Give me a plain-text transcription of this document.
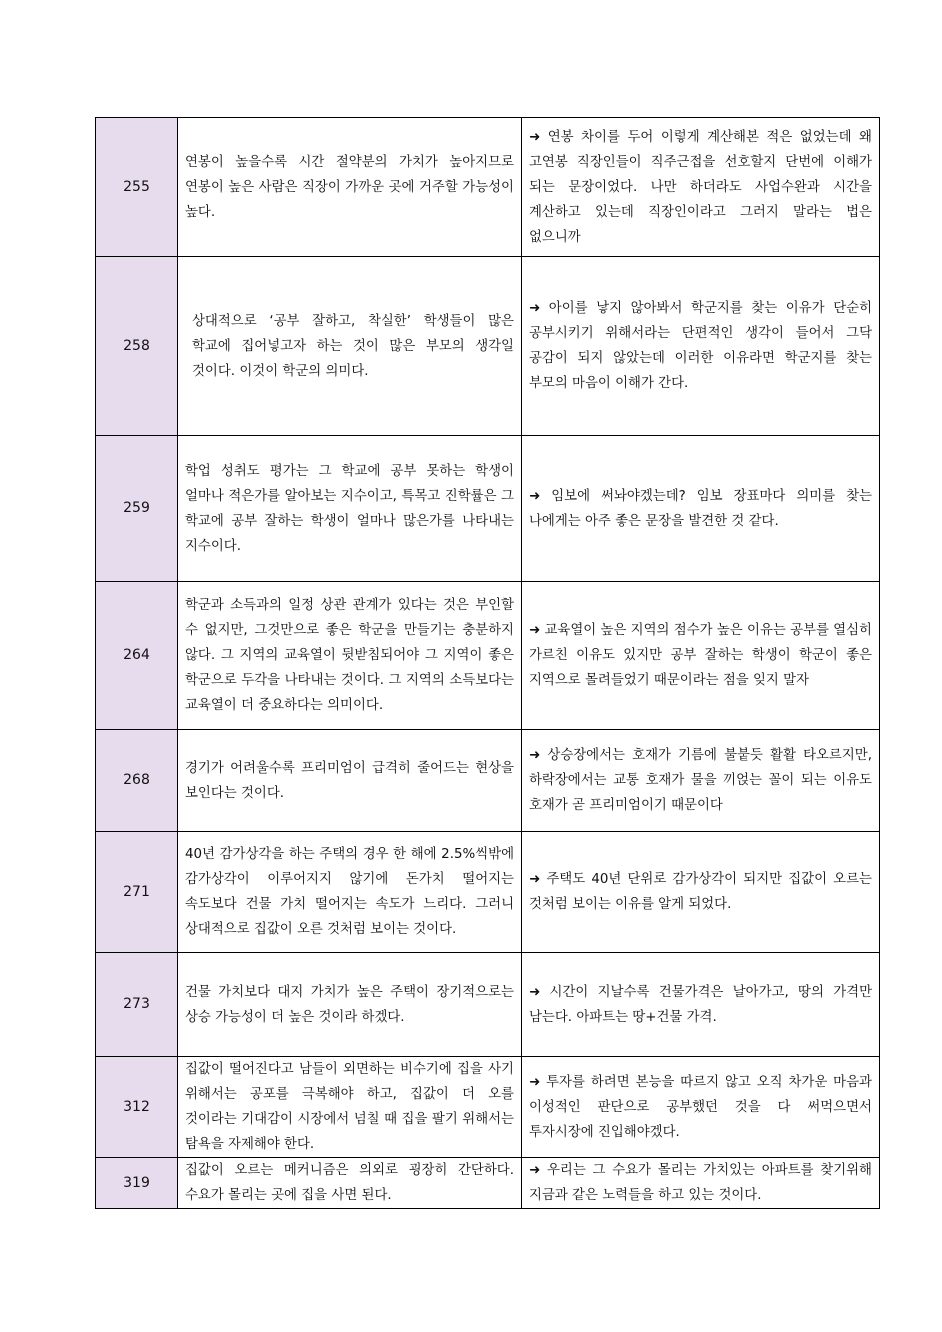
255	연봉이 높을수록 시간 절약분의 가치가 높아지므로 연봉이 높은 사람은 직장이 가까운 곳에 거주할 가능성이 높다.	➜ 연봉 차이를 두어 이렇게 계산해본 적은 없었는데 왜 고연봉 직장인들이 직주근접을 선호할지 단번에 이해가 되는 문장이었다. 나만 하더라도 사업수완과 시간을 계산하고 있는데 직장인이라고 그러지 말라는 법은 없으니까
258	상대적으로 ‘공부 잘하고, 착실한’ 학생들이 많은 학교에 집어넣고자 하는 것이 많은 부모의 생각일 것이다. 이것이 학군의 의미다.	➜ 아이를 낳지 않아봐서 학군지를 찾는 이유가 단순히 공부시키기 위해서라는 단편적인 생각이 들어서 그닥 공감이 되지 않았는데 이러한 이유라면 학군지를 찾는 부모의 마음이 이해가 간다.
259	학업 성취도 평가는 그 학교에 공부 못하는 학생이 얼마나 적은가를 알아보는 지수이고, 특목고 진학률은 그 학교에 공부 잘하는 학생이 얼마나 많은가를 나타내는 지수이다.	➜ 임보에 써놔야겠는데? 임보 장표마다 의미를 찾는 나에게는 아주 좋은 문장을 발견한 것 같다.
264	학군과 소득과의 일정 상관 관계가 있다는 것은 부인할 수 없지만, 그것만으로 좋은 학군을 만들기는 충분하지 않다. 그 지역의 교육열이 뒷받침되어야 그 지역이 좋은 학군으로 두각을 나타내는 것이다. 그 지역의 소득보다는 교육열이 더 중요하다는 의미이다.	➜ 교육열이 높은 지역의 점수가 높은 이유는 공부를 열심히 가르친 이유도 있지만 공부 잘하는 학생이 학군이 좋은 지역으로 몰려들었기 때문이라는 점을 잊지 말자
268	경기가 어려울수록 프리미엄이 급격히 줄어드는 현상을 보인다는 것이다.	➜ 상승장에서는 호재가 기름에 불붙듯 활활 타오르지만, 하락장에서는 교통 호재가 물을 끼얹는 꼴이 되는 이유도 호재가 곧 프리미엄이기 때문이다
271	40년 감가상각을 하는 주택의 경우 한 해에 2.5%씩밖에 감가상각이 이루어지지 않기에 돈가치 떨어지는 속도보다 건물 가치 떨어지는 속도가 느리다. 그러니 상대적으로 집값이 오른 것처럼 보이는 것이다.	➜ 주택도 40년 단위로 감가상각이 되지만 집값이 오르는 것처럼 보이는 이유를 알게 되었다.
273	건물 가치보다 대지 가치가 높은 주택이 장기적으로는 상승 가능성이 더 높은 것이라 하겠다.	➜ 시간이 지날수록 건물가격은 날아가고, 땅의 가격만 남는다. 아파트는 땅+건물 가격.
312	집값이 떨어진다고 남들이 외면하는 비수기에 집을 사기 위해서는 공포를 극복해야 하고, 집값이 더 오를 것이라는 기대감이 시장에서 넘칠 때 집을 팔기 위해서는 탐욕을 자제해야 한다.	➜ 투자를 하려면 본능을 따르지 않고 오직 차가운 마음과 이성적인 판단으로 공부했던 것을 다 써먹으면서 투자시장에 진입해야겠다.
319	집값이 오르는 메커니즘은 의외로 굉장히 간단하다. 수요가 몰리는 곳에 집을 사면 된다.	➜ 우리는 그 수요가 몰리는 가치있는 아파트를 찾기위해 지금과 같은 노력들을 하고 있는 것이다.
